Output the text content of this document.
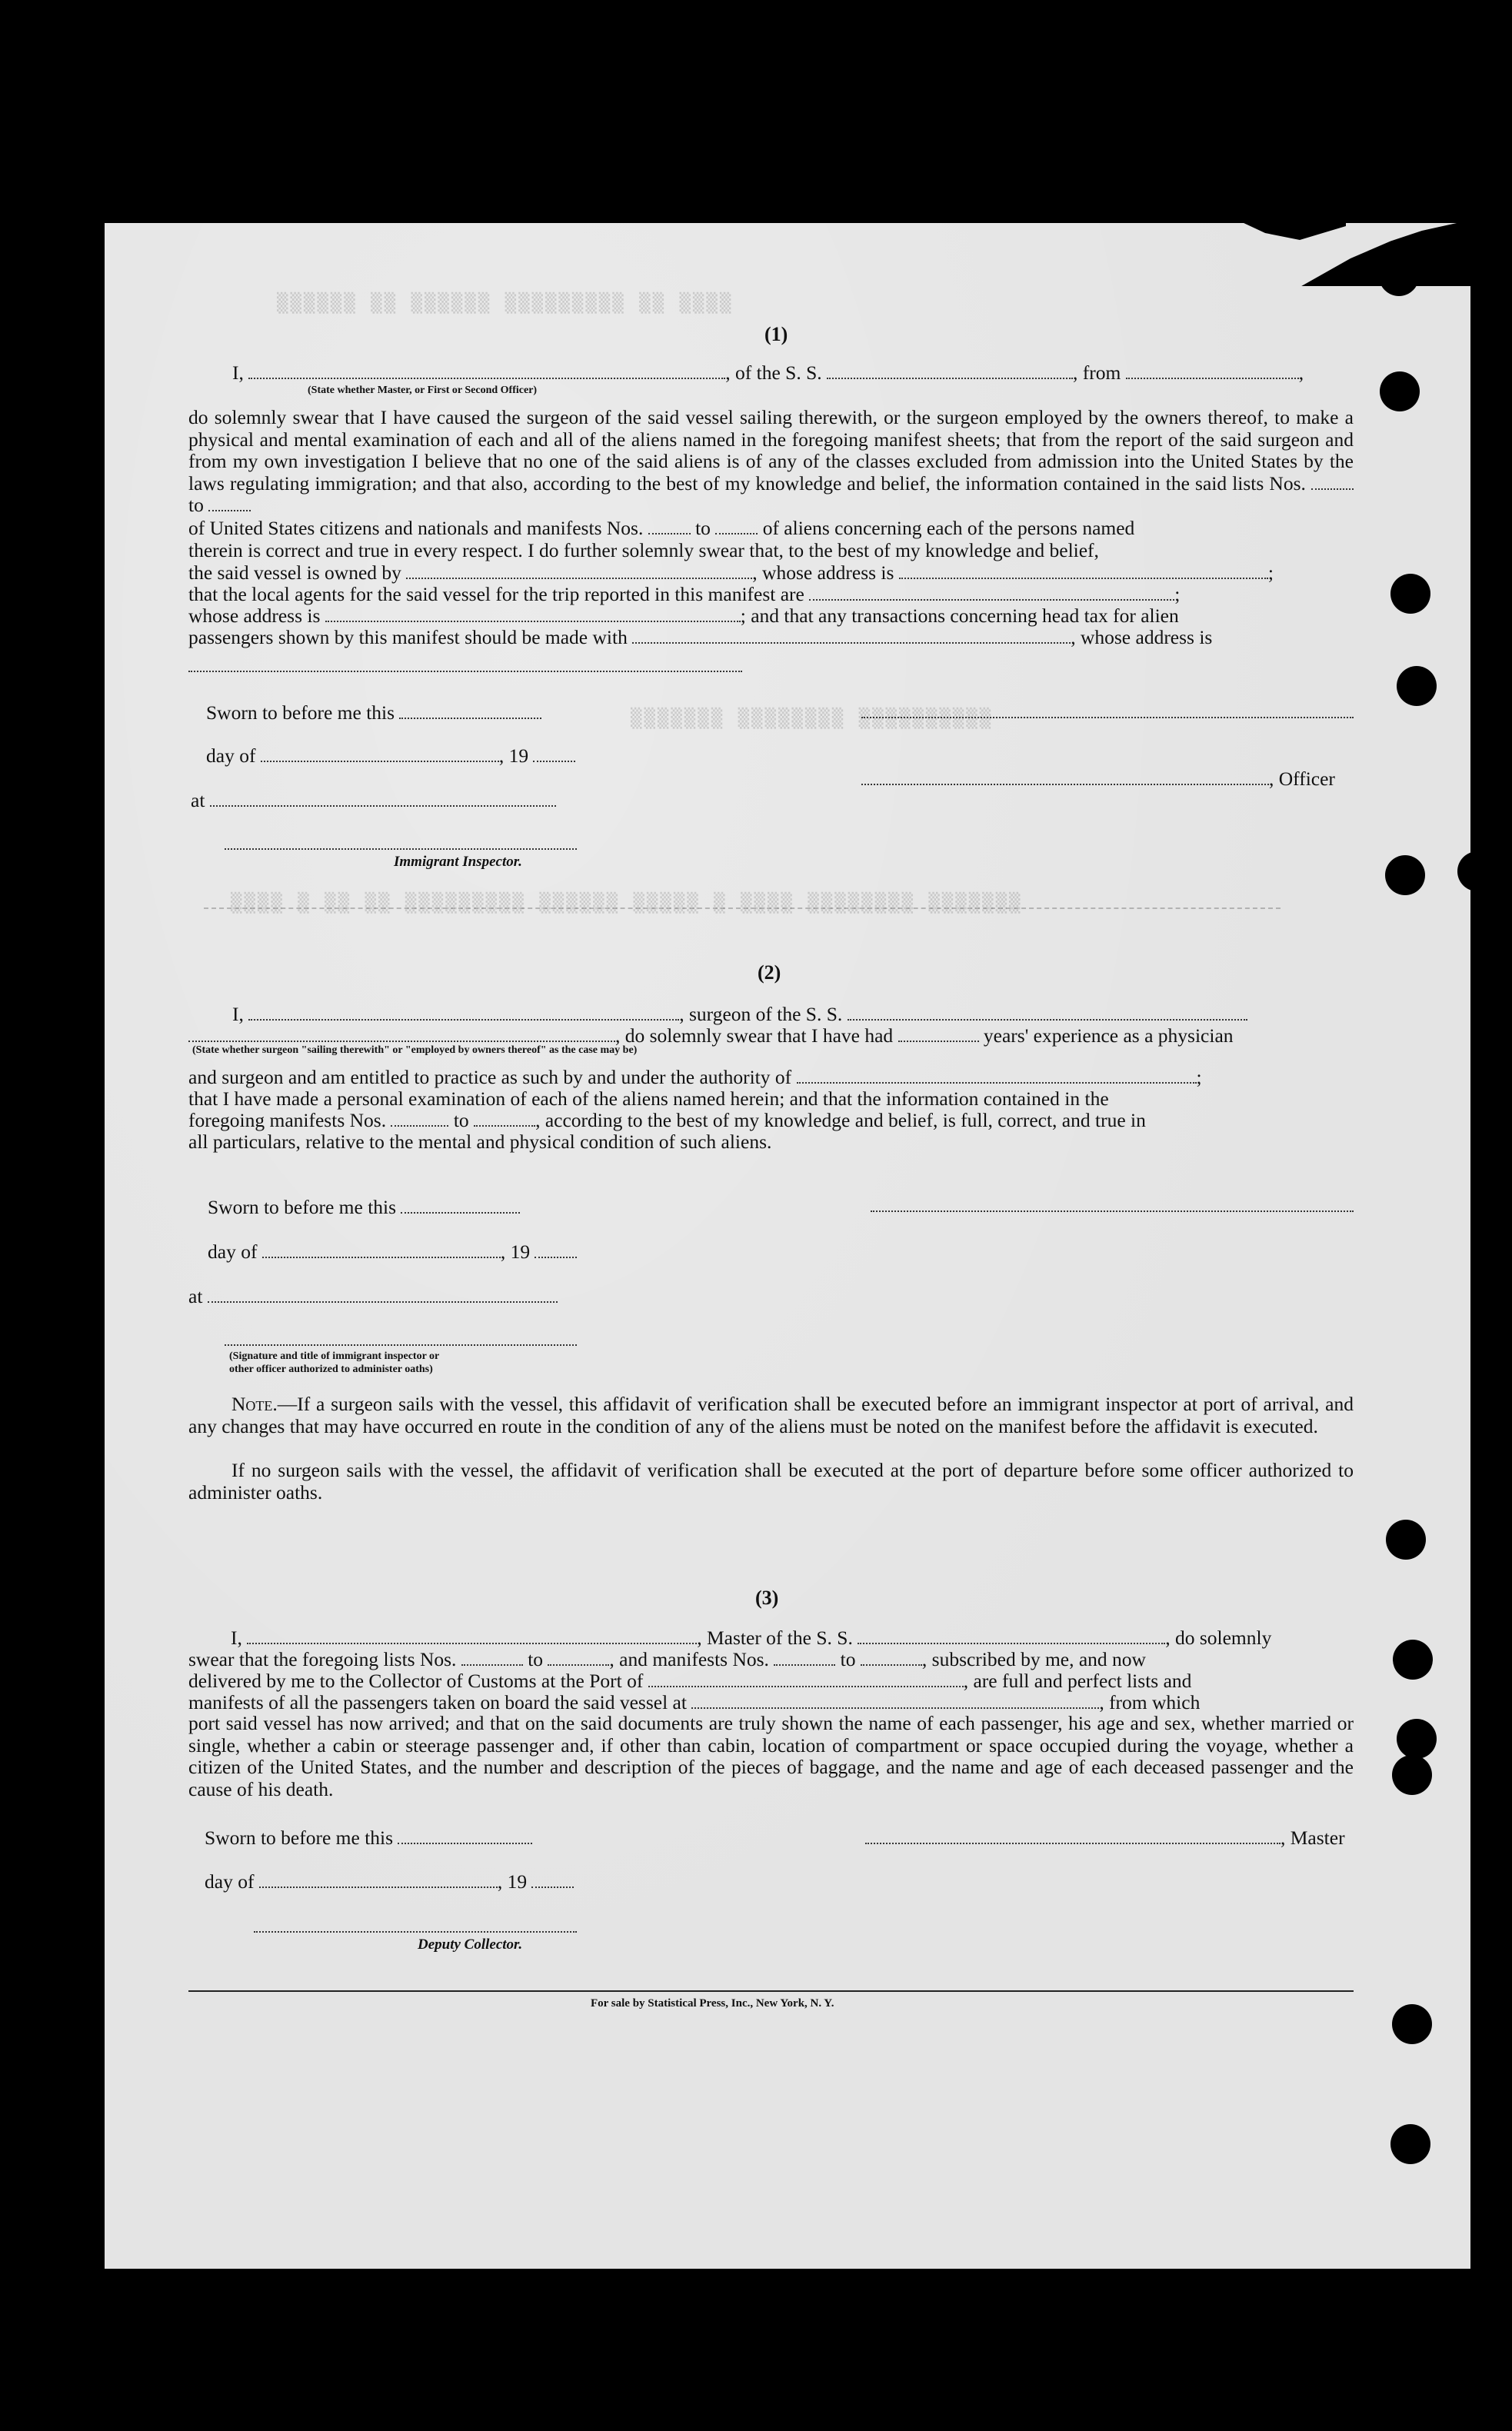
▒▒▒▒▒▒ ▒▒ ▒▒▒▒▒▒ ▒▒▒▒▒▒▒▒▒ ▒▒ ▒▒▒▒
▒▒▒▒▒▒▒ ▒▒▒▒▒▒▒▒ ▒▒▒▒▒▒▒▒▒▒
▒▒▒▒ ▒ ▒▒ ▒▒ ▒▒▒▒▒▒▒▒▒ ▒▒▒▒▒▒ ▒▒▒▒▒ ▒ ▒▒▒▒ ▒▒▒▒▒▒▒▒ ▒▒▒▒▒▒▒
(1)
I,	, of the S. S.	, from	,
(State whether Master, or First or Second Officer)
do solemnly swear that I have caused the surgeon of the said vessel sailing therewith, or the surgeon employed by the owners thereof, to make a physical and mental examination of each and all of the aliens named in the foregoing manifest sheets; that from the report of the said surgeon and from my own investigation I believe that no one of the said aliens is of any of the classes excluded from admission into the United States by the laws regulating immigration; and that also, according to the best of my knowledge and belief, the information contained in the said lists Nos.  to
of United States citizens and nationals and manifests Nos.	to	of aliens concerning each of the persons named
therein is correct and true in every respect. I do further solemnly swear that, to the best of my knowledge and belief,
the said vessel is owned by	, whose address is	;
that the local agents for the said vessel for the trip reported in this manifest are	;
whose address is	; and that any transactions concerning head tax for alien
passengers shown by this manifest should be made with	, whose address is
Sworn to before me this
day of	, 19
at
Immigrant Inspector.
, Officer
(2)
I,	, surgeon of the S. S.
, do solemnly swear that I have had	years' experience as a physician
(State whether surgeon "sailing therewith" or "employed by owners thereof" as the case may be)
and surgeon and am entitled to practice as such by and under the authority of	;
that I have made a personal examination of each of the aliens named herein; and that the information contained in the
foregoing manifests Nos.	to	, according to the best of my knowledge and belief, is full, correct, and true in
all particulars, relative to the mental and physical condition of such aliens.
Sworn to before me this
day of	, 19
at
(Signature and title of immigrant inspector or
other officer authorized to administer oaths)
Note.—If a surgeon sails with the vessel, this affidavit of verification shall be executed before an immigrant inspector at port of arrival, and any changes that may have occurred en route in the condition of any of the aliens must be noted on the manifest before the affidavit is executed.
If no surgeon sails with the vessel, the affidavit of verification shall be executed at the port of departure before some officer authorized to administer oaths.
(3)
I,	, Master of the S. S.	, do solemnly
swear that the foregoing lists Nos.	to	, and manifests Nos.	to	, subscribed by me, and now
delivered by me to the Collector of Customs at the Port of	, are full and perfect lists and
manifests of all the passengers taken on board the said vessel at	, from which
port said vessel has now arrived; and that on the said documents are truly shown the name of each passenger, his age and sex, whether married or single, whether a cabin or steerage passenger and, if other than cabin, location of compartment or space occupied during the voyage, whether a citizen of the United States, and the number and description of the pieces of baggage, and the name and age of each deceased passenger and the cause of his death.
Sworn to before me this	, Master
day of	, 19
Deputy Collector.
For sale by Statistical Press, Inc., New York, N. Y.
